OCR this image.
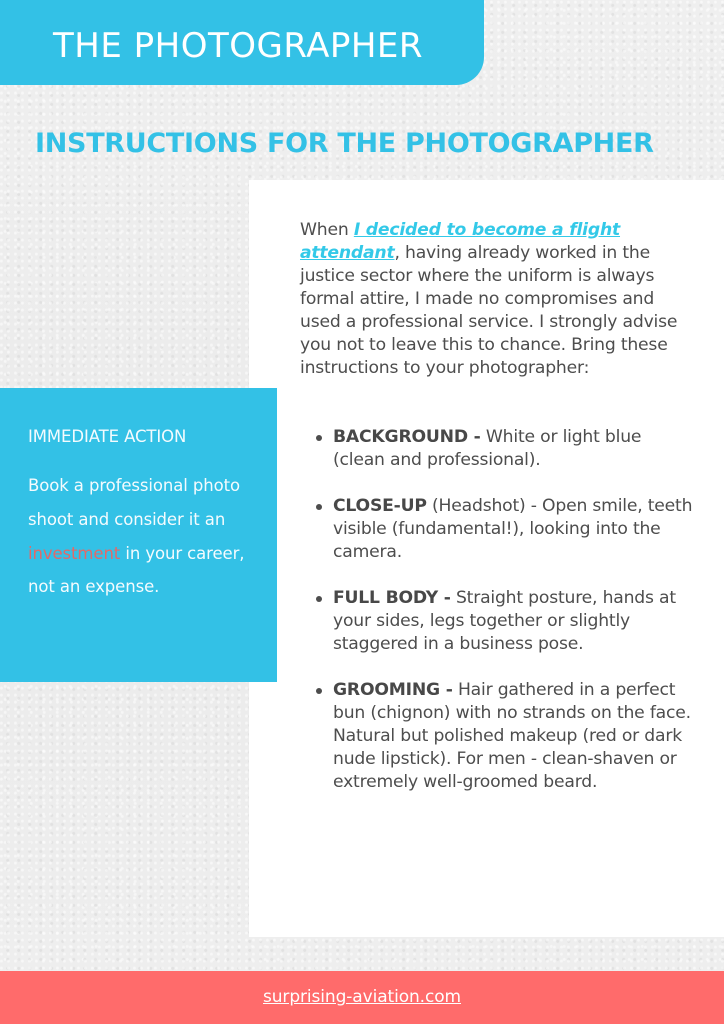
THE PHOTOGRAPHER
INSTRUCTIONS FOR THE PHOTOGRAPHER

When I decided to become a flight attendant, having already worked in the justice sector where the uniform is always formal attire, I made no compromises and used a professional service. I strongly advise you not to leave this to chance. Bring these instructions to your photographer:

BACKGROUND - White or light blue (clean and professional).
CLOSE-UP (Headshot) - Open smile, teeth visible (fundamental!), looking into the camera.
FULL BODY - Straight posture, hands at your sides, legs together or slightly staggered in a business pose.
GROOMING - Hair gathered in a perfect bun (chignon) with no strands on the face. Natural but polished makeup (red or dark nude lipstick). For men - clean-shaven or extremely well-groomed beard.
IMMEDIATE ACTION

Book a professional photo shoot and consider it an investment in your career, not an expense.

surprising-aviation.com
